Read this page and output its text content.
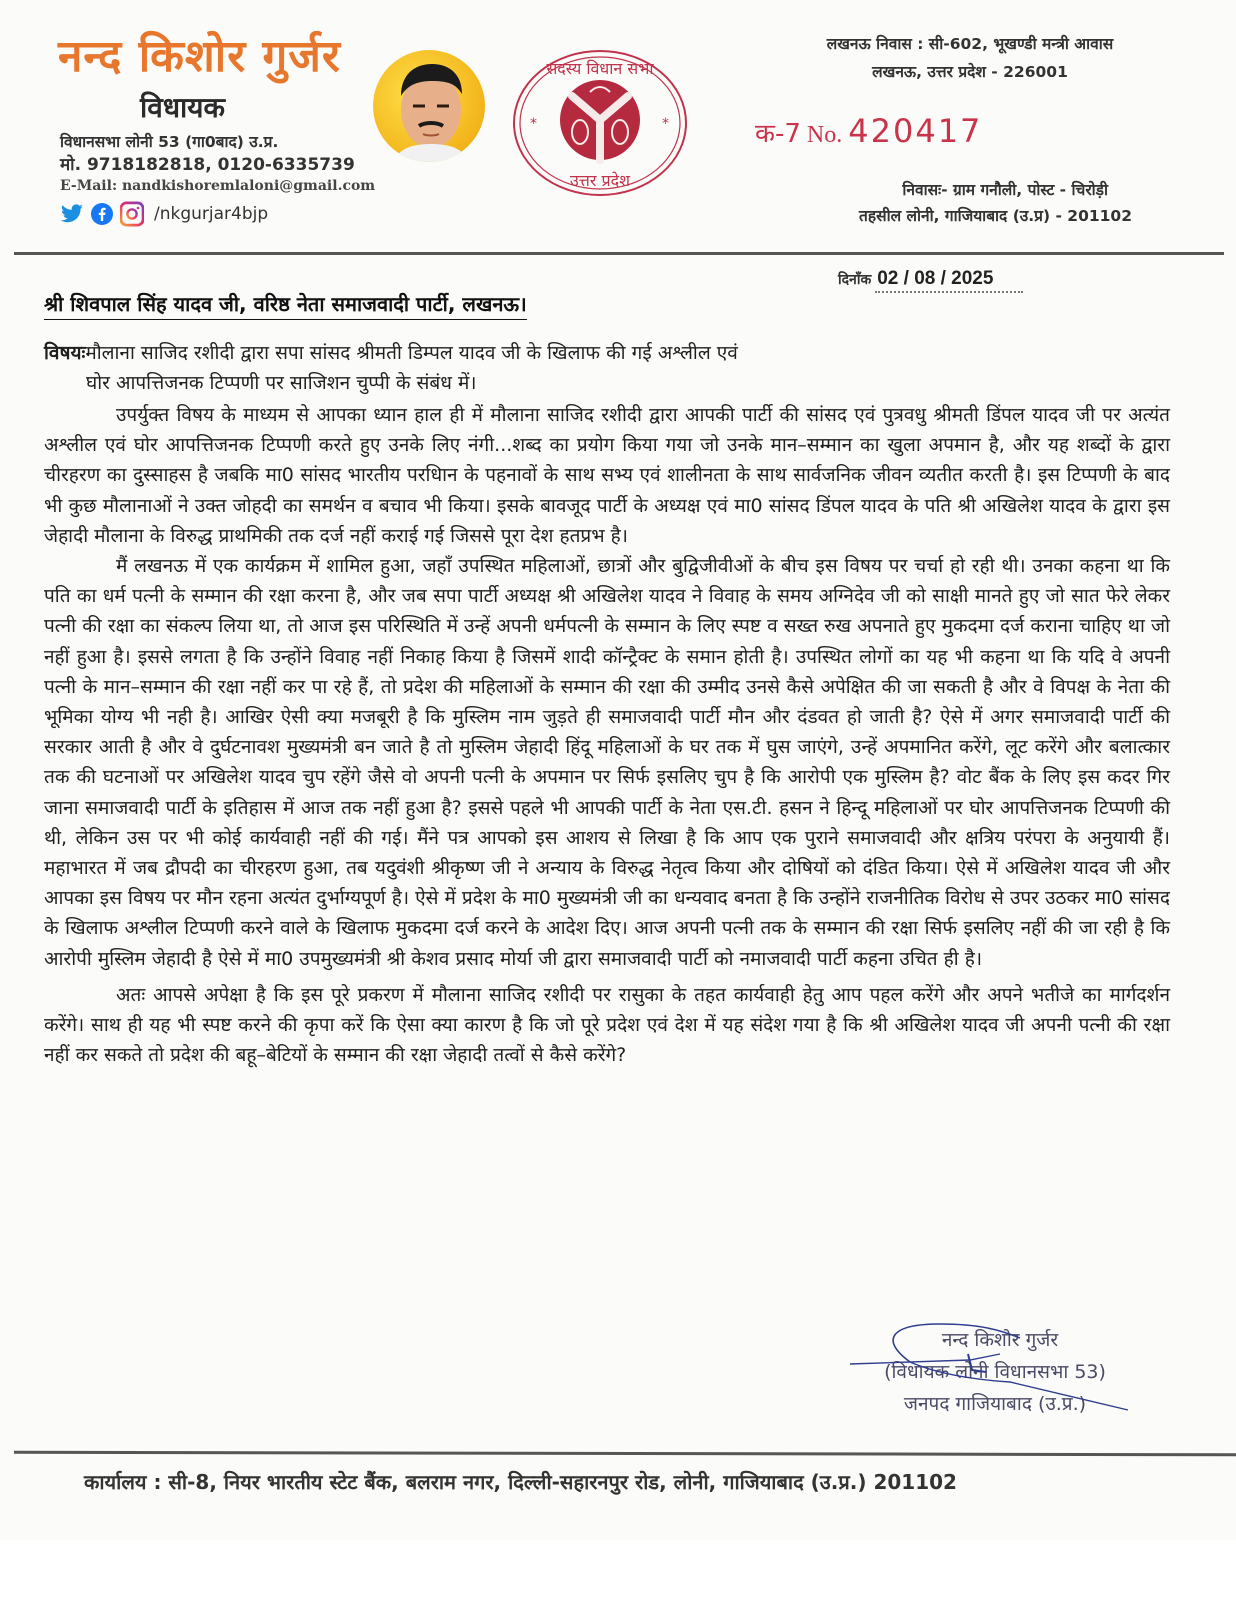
नन्द किशोर गुर्जर
विधायक
विधानसभा लोनी 53 (गा0बाद) उ.प्र.
मो. 9718182818, 0120-6335739
E-Mail: nandkishoremlaloni@gmail.com
/nkgurjar4bjp
*	*
सदस्य विधान सभा
उत्तर प्रदेश
लखनऊ निवास : सी-602, भूखण्डी मन्त्री आवास
लखनऊ, उत्तर प्रदेश - 226001
क-7 No. 420417
निवासः- ग्राम गनौली, पोस्ट - चिरोड़ी
तहसील लोनी, गाजियाबाद (उ.प्र) - 201102
दिनाँक 02 / 08 / 2025
श्री शिवपाल सिंह यादव जी, वरिष्ठ नेता समाजवादी पार्टी, लखनऊ।
विषयःमौलाना साजिद रशीदी द्वारा सपा सांसद श्रीमती डिम्पल यादव जी के खिलाफ की गई अश्लील एवं
घोर आपत्तिजनक टिप्पणी पर साजिशन चुप्पी के संबंध में।

उपर्युक्त विषय के माध्यम से आपका ध्यान हाल ही में मौलाना साजिद रशीदी द्वारा आपकी पार्टी की सांसद एवं पुत्रवधु श्रीमती डिंपल यादव जी पर अत्यंत अश्लील एवं घोर आपत्तिजनक टिप्पणी करते हुए उनके लिए नंगी...शब्द का प्रयोग किया गया जो उनके मान–सम्मान का खुला अपमान है, और यह शब्दों के द्वारा चीरहरण का दुस्साहस है जबकि मा0 सांसद भारतीय परधिान के पहनावों के साथ सभ्य एवं शालीनता के साथ सार्वजनिक जीवन व्यतीत करती है। इस टिप्पणी के बाद भी कुछ मौलानाओं ने उक्त जोहदी का समर्थन व बचाव भी किया। इसके बावजूद पार्टी के अध्यक्ष एवं मा0 सांसद डिंपल यादव के पति श्री अखिलेश यादव के द्वारा इस जेहादी मौलाना के विरुद्ध प्राथमिकी तक दर्ज नहीं कराई गई जिससे पूरा देश हतप्रभ है।

मैं लखनऊ में एक कार्यक्रम में शामिल हुआ, जहाँ उपस्थित महिलाओं, छात्रों और बुद्विजीवीओं के बीच इस विषय पर चर्चा हो रही थी। उनका कहना था कि पति का धर्म पत्नी के सम्मान की रक्षा करना है, और जब सपा पार्टी अध्यक्ष श्री अखिलेश यादव ने विवाह के समय अग्निदेव जी को साक्षी मानते हुए जो सात फेरे लेकर पत्नी की रक्षा का संकल्प लिया था, तो आज इस परिस्थिति में उन्हें अपनी धर्मपत्नी के सम्मान के लिए स्पष्ट व सख्त रुख अपनाते हुए मुकदमा दर्ज कराना चाहिए था जो नहीं हुआ है। इससे लगता है कि उन्होंने विवाह नहीं निकाह किया है जिसमें शादी कॉन्ट्रैक्ट के समान होती है। उपस्थित लोगों का यह भी कहना था कि यदि वे अपनी पत्नी के मान–सम्मान की रक्षा नहीं कर पा रहे हैं, तो प्रदेश की महिलाओं के सम्मान की रक्षा की उम्मीद उनसे कैसे अपेक्षित की जा सकती है और वे विपक्ष के नेता की भूमिका योग्य भी नही है। आखिर ऐसी क्या मजबूरी है कि मुस्लिम नाम जुड़ते ही समाजवादी पार्टी मौन और दंडवत हो जाती है? ऐसे में अगर समाजवादी पार्टी की सरकार आती है और वे दुर्घटनावश मुख्यमंत्री बन जाते है तो मुस्लिम जेहादी हिंदू महिलाओं के घर तक में घुस जाएंगे, उन्हें अपमानित करेंगे, लूट करेंगे और बलात्कार तक की घटनाओं पर अखिलेश यादव चुप रहेंगे जैसे वो अपनी पत्नी के अपमान पर सिर्फ इसलिए चुप है कि आरोपी एक मुस्लिम है? वोट बैंक के लिए इस कदर गिर जाना समाजवादी पार्टी के इतिहास में आज तक नहीं हुआ है? इससे पहले भी आपकी पार्टी के नेता एस.टी. हसन ने हिन्दू महिलाओं पर घोर आपत्तिजनक टिप्पणी की थी, लेकिन उस पर भी कोई कार्यवाही नहीं की गई। मैंने पत्र आपको इस आशय से लिखा है कि आप एक पुराने समाजवादी और क्षत्रिय परंपरा के अनुयायी हैं। महाभारत में जब द्रौपदी का चीरहरण हुआ, तब यदुवंशी श्रीकृष्ण जी ने अन्याय के विरुद्ध नेतृत्व किया और दोषियों को दंडित किया। ऐसे में अखिलेश यादव जी और आपका इस विषय पर मौन रहना अत्यंत दुर्भाग्यपूर्ण है। ऐसे में प्रदेश के मा0 मुख्यमंत्री जी का धन्यवाद बनता है कि उन्होंने राजनीतिक विरोध से उपर उठकर मा0 सांसद के खिलाफ अश्लील टिप्पणी करने वाले के खिलाफ मुकदमा दर्ज करने के आदेश दिए। आज अपनी पत्नी तक के सम्मान की रक्षा सिर्फ इसलिए नहीं की जा रही है कि आरोपी मुस्लिम जेहादी है ऐसे में मा0 उपमुख्यमंत्री श्री केशव प्रसाद मोर्या जी द्वारा समाजवादी पार्टी को नमाजवादी पार्टी कहना उचित ही है।

अतः आपसे अपेक्षा है कि इस पूरे प्रकरण में मौलाना साजिद रशीदी पर रासुका के तहत कार्यवाही हेतु आप पहल करेंगे और अपने भतीजे का मार्गदर्शन करेंगे। साथ ही यह भी स्पष्ट करने की कृपा करें कि ऐसा क्या कारण है कि जो पूरे प्रदेश एवं देश में यह संदेश गया है कि श्री अखिलेश यादव जी अपनी पत्नी की रक्षा नहीं कर सकते तो प्रदेश की बहू–बेटियों के सम्मान की रक्षा जेहादी तत्वों से कैसे करेंगे?

नन्द किशोर गुर्जर
(विधायक लोनी विधानसभा 53)
जनपद गाजियाबाद (उ.प्र.)
कार्यालय : सी-8, नियर भारतीय स्टेट बैंक, बलराम नगर, दिल्ली-सहारनपुर रोड, लोनी, गाजियाबाद (उ.प्र.) 201102
